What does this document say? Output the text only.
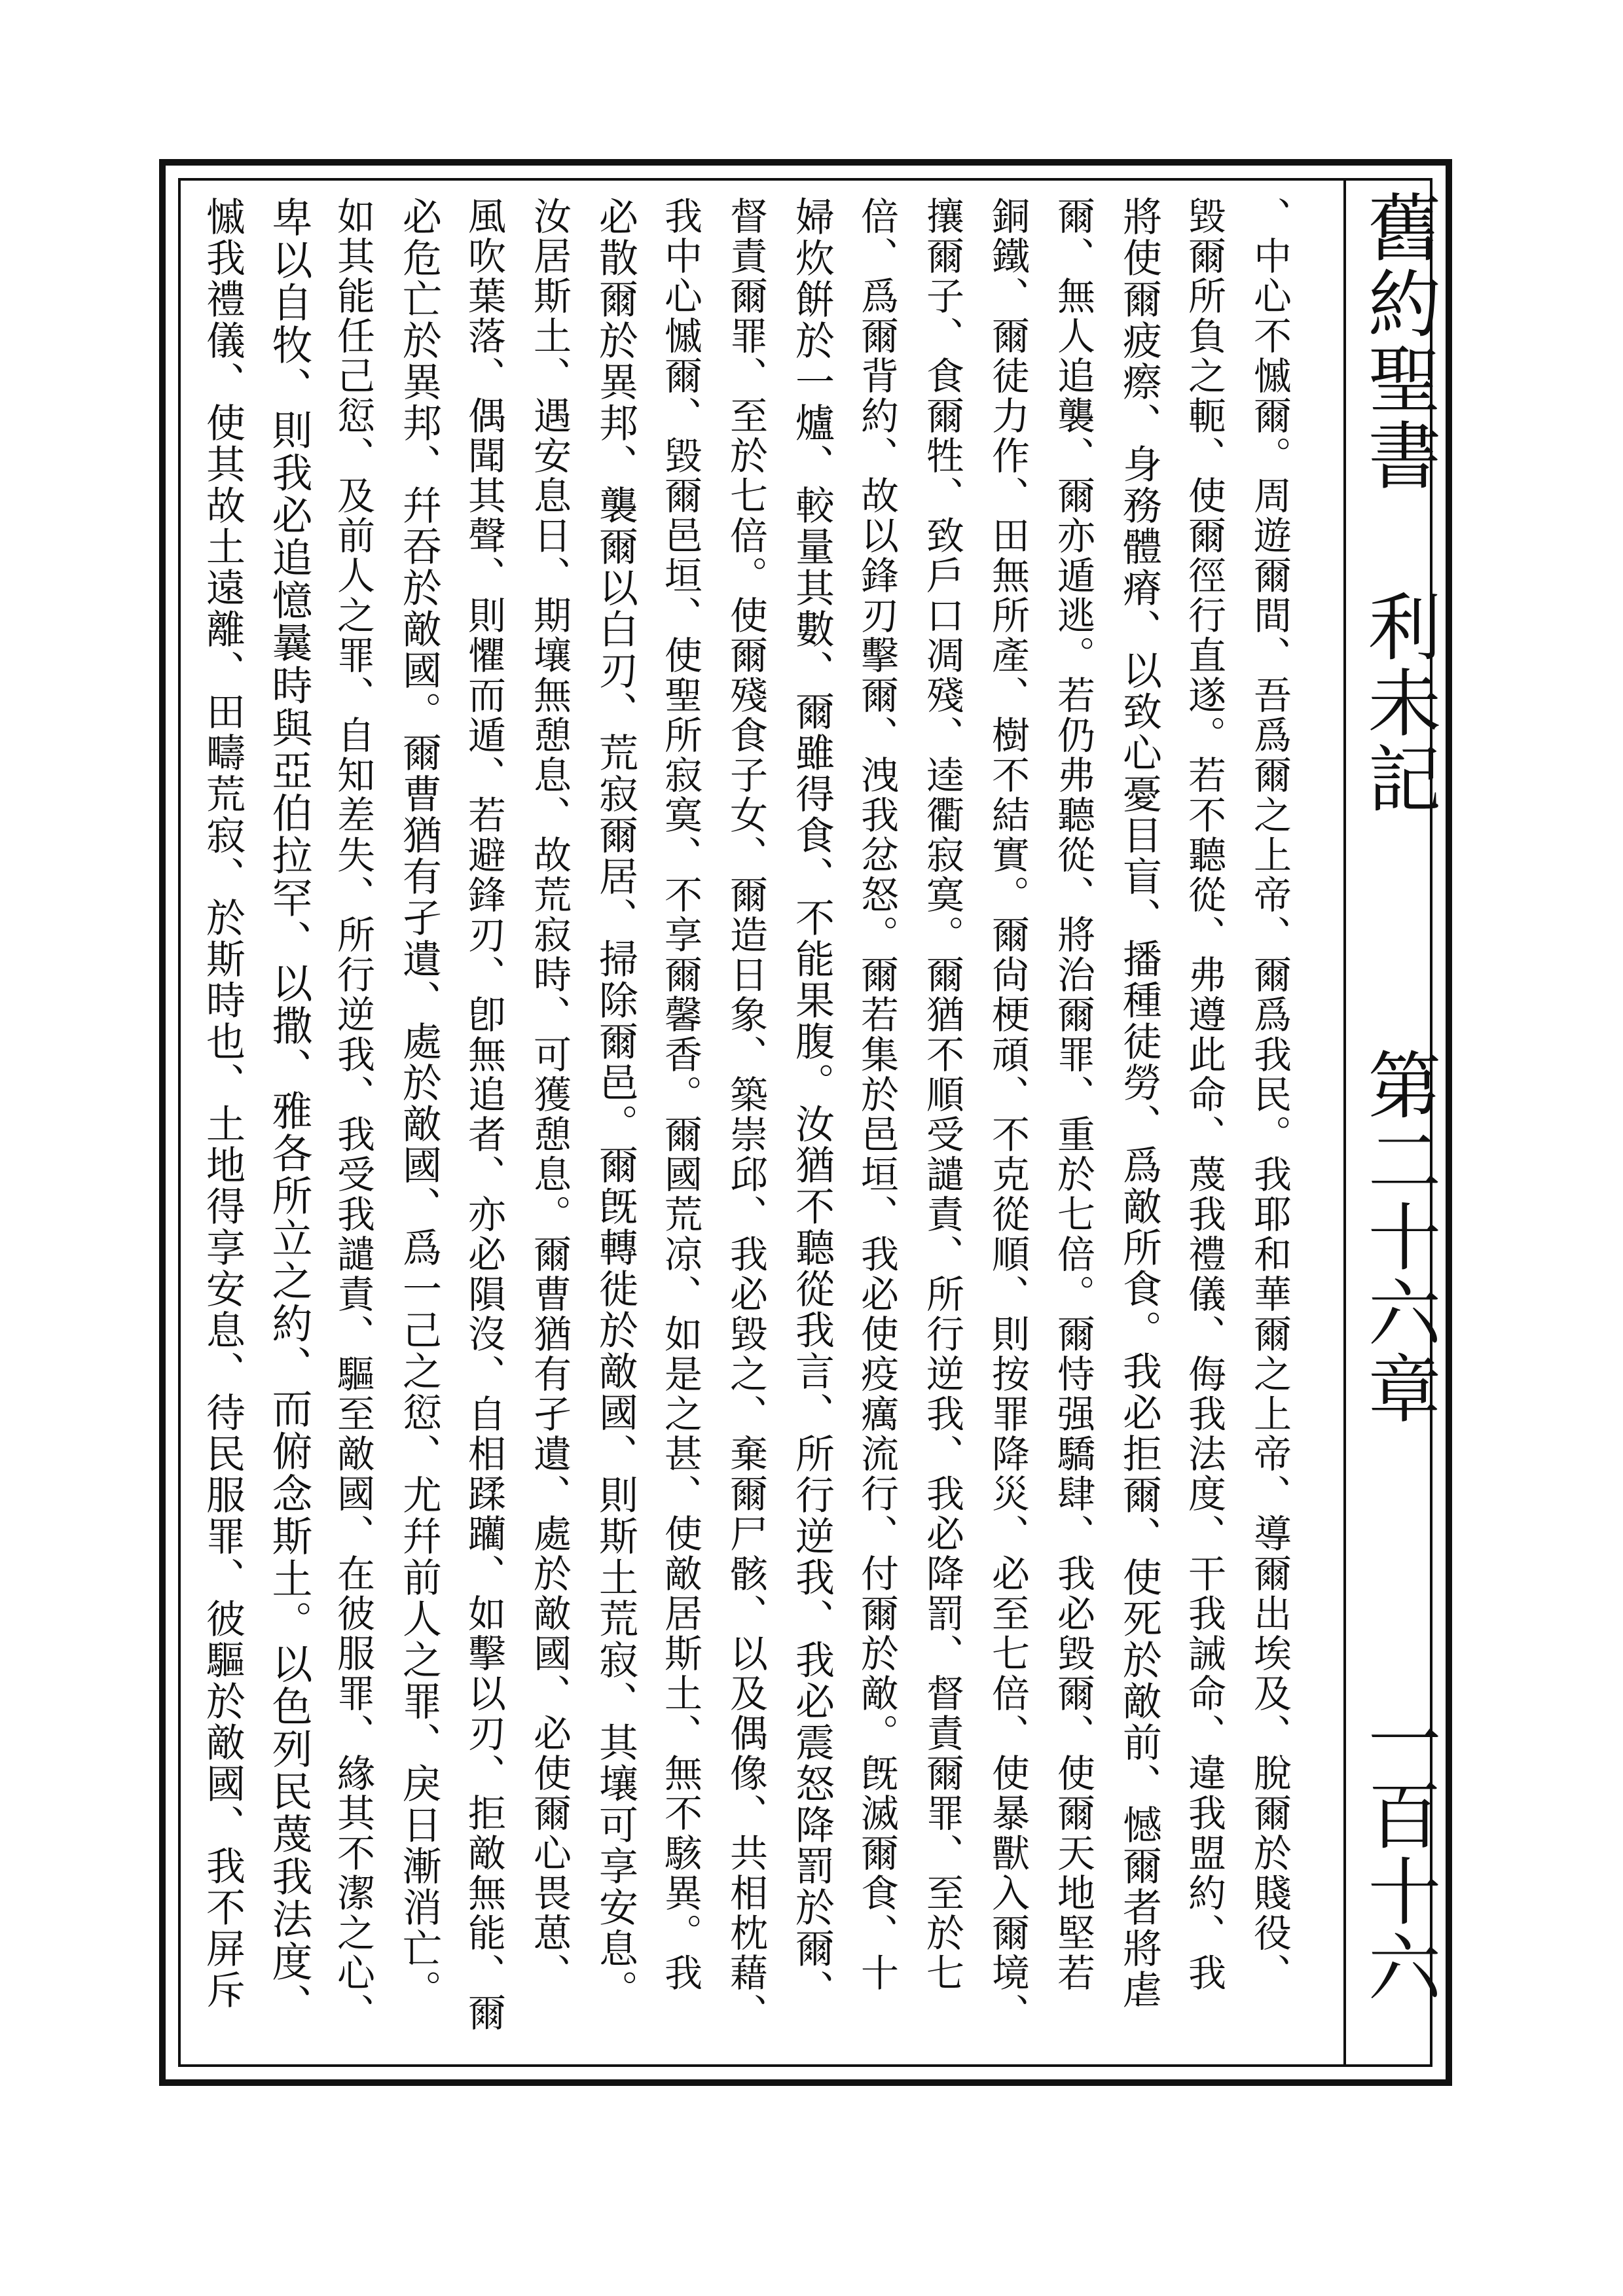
舊約聖書
利未記
第二十六章
一百十六
、中心不慽爾。周遊爾間、吾爲爾之上帝、爾爲我民。我耶和華爾之上帝、導爾出埃及、脫爾於賤役、
毀爾所負之軛、使爾徑行直遂。若不聽從、弗遵此命、蔑我禮儀、侮我法度、干我誡命、違我盟約、我
將使爾疲瘵、身務體瘠、以致心憂目盲、播種徒勞、爲敵所食。我必拒爾、使死於敵前、憾爾者將虐
爾、無人追襲、爾亦遁逃。若仍弗聽從、將治爾罪、重於七倍。爾恃强驕肆、我必毀爾、使爾天地堅若
銅鐵、爾徒力作、田無所產、樹不結實。爾尙梗頑、不克從順、則按罪降災、必至七倍、使暴獸入爾境、
攘爾子、食爾牲、致戶口凋殘、逵衢寂寞。爾猶不順受譴責、所行逆我、我必降罰、督責爾罪、至於七
倍、爲爾背約、故以鋒刃擊爾、洩我忿怒。爾若集於邑垣、我必使疫癘流行、付爾於敵。旣滅爾食、十
婦炊餠於一爐、較量其數、爾雖得食、不能果腹。汝猶不聽從我言、所行逆我、我必震怒降罰於爾、
督責爾罪、至於七倍。使爾殘食子女、爾造日象、築崇邱、我必毀之、棄爾尸骸、以及偶像、共相枕藉、
我中心慽爾、毀爾邑垣、使聖所寂寞、不享爾馨香。爾國荒凉、如是之甚、使敵居斯土、無不駭異。我
必散爾於異邦、襲爾以白刃、荒寂爾居、掃除爾邑。爾旣轉徙於敵國、則斯土荒寂、其壤可享安息。
汝居斯土、遇安息日、期壤無憩息、故荒寂時、可獲憩息。爾曹猶有孑遺、處於敵國、必使爾心畏葸、
風吹葉落、偶聞其聲、則懼而遁、若避鋒刃、卽無追者、亦必隕沒、自相蹂躪、如擊以刃、拒敵無能、爾
必危亡於異邦、幷吞於敵國。爾曹猶有孑遺、處於敵國、爲一己之愆、尤幷前人之罪、戾日漸消亡。
如其能任己愆、及前人之罪、自知差失、所行逆我、我受我譴責、驅至敵國、在彼服罪、緣其不潔之心、
卑以自牧、則我必追憶曩時與亞伯拉罕、以撒、雅各所立之約、而俯念斯土。以色列民蔑我法度、
慽我禮儀、使其故土遠離、田疇荒寂、於斯時也、土地得享安息、待民服罪、彼驅於敵國、我不屏斥
